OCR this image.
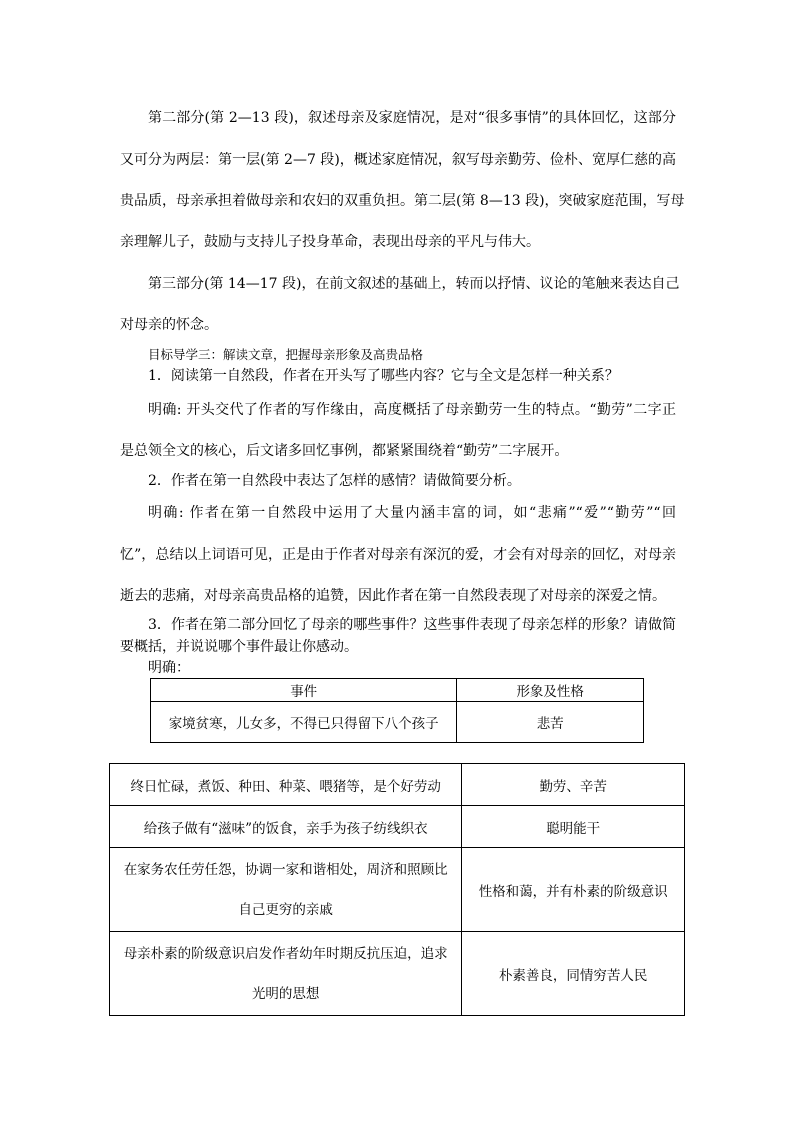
第二部分(第 2—13 段)，叙述母亲及家庭情况，是对“很多事情”的具体回忆，这部分
又可分为两层：第一层(第 2—7 段)，概述家庭情况，叙写母亲勤劳、俭朴、宽厚仁慈的高
贵品质，母亲承担着做母亲和农妇的双重负担。第二层(第 8—13 段)，突破家庭范围，写母
亲理解儿子，鼓励与支持儿子投身革命，表现出母亲的平凡与伟大。
第三部分(第 14—17 段)，在前文叙述的基础上，转而以抒情、议论的笔触来表达自己
对母亲的怀念。
目标导学三：解读文章，把握母亲形象及高贵品格
1．阅读第一自然段，作者在开头写了哪些内容？它与全文是怎样一种关系？
明确: 开头交代了作者的写作缘由，高度概括了母亲勤劳一生的特点。“勤劳”二字正
是总领全文的核心，后文诸多回忆事例，都紧紧围绕着“勤劳”二字展开。
2．作者在第一自然段中表达了怎样的感情？请做简要分析。
明确: 作者在第一自然段中运用了大量内涵丰富的词，如“悲痛”“爱”“勤劳”“回
忆”，总结以上词语可见，正是由于作者对母亲有深沉的爱，才会有对母亲的回忆，对母亲
逝去的悲痛，对母亲高贵品格的追赞，因此作者在第一自然段表现了对母亲的深爱之情。
3．作者在第二部分回忆了母亲的哪些事件？这些事件表现了母亲怎样的形象？请做简
要概括，并说说哪个事件最让你感动。
明确：
事件	形象及性格
家境贫寒，儿女多，不得已只得留下八个孩子	悲苦
终日忙碌，煮饭、种田、种菜、喂猪等，是个好劳动	勤劳、辛苦
给孩子做有“滋味”的饭食，亲手为孩子纺线织衣	聪明能干

在家务农任劳任怨，协调一家和谐相处，周济和照顾比
自己更穷的亲戚	性格和蔼，并有朴素的阶级意识

母亲朴素的阶级意识启发作者幼年时期反抗压迫，追求
光明的思想	朴素善良，同情穷苦人民
